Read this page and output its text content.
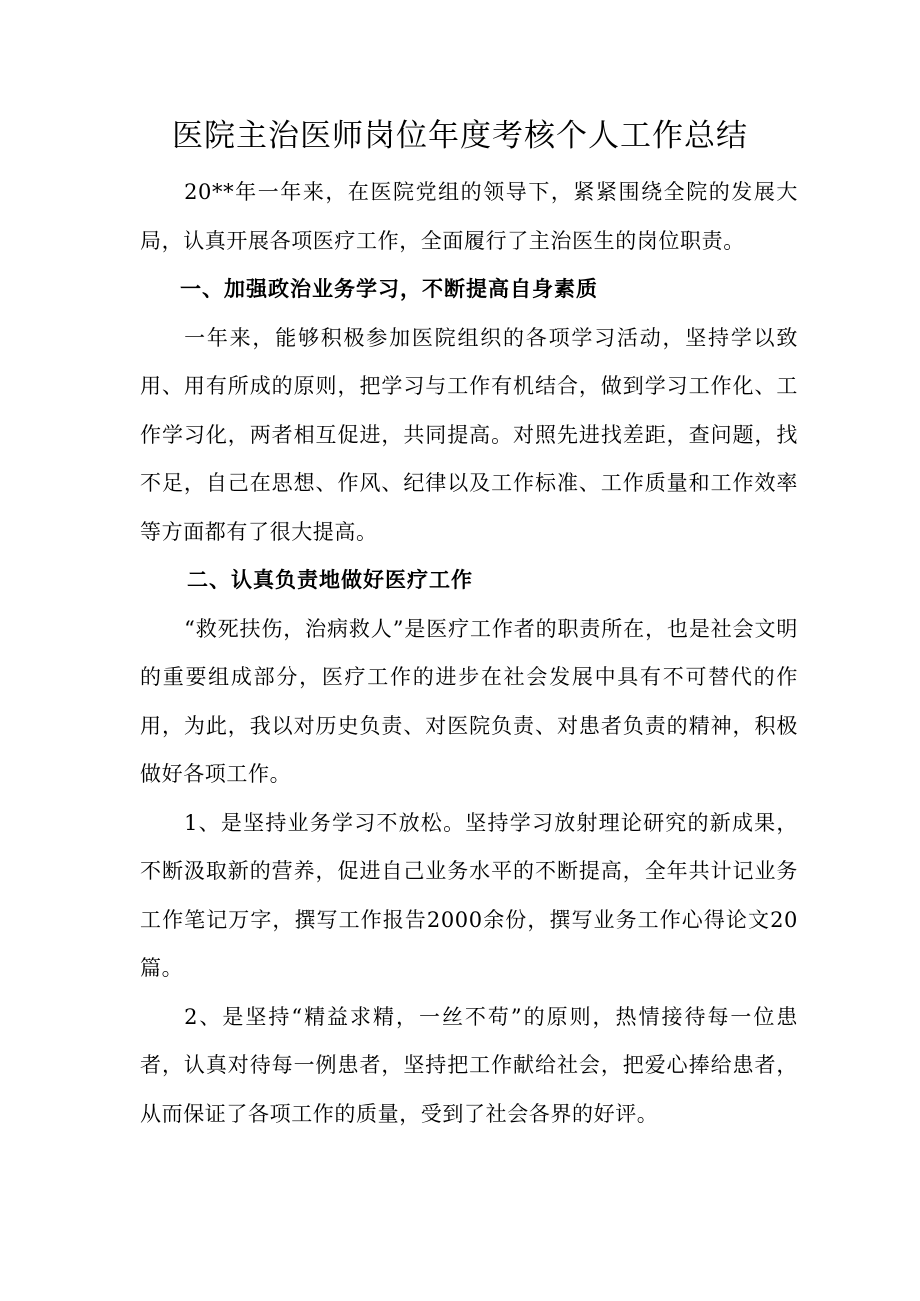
医院主治医师岗位年度考核个人工作总结

20**年一年来，在医院党组的领导下，紧紧围绕全院的发展大局，认真开展各项医疗工作，全面履行了主治医生的岗位职责。

一、加强政治业务学习，不断提高自身素质

一年来，能够积极参加医院组织的各项学习活动，坚持学以致用、用有所成的原则，把学习与工作有机结合，做到学习工作化、工作学习化，两者相互促进，共同提高。对照先进找差距，查问题，找不足，自己在思想、作风、纪律以及工作标准、工作质量和工作效率等方面都有了很大提高。

二、认真负责地做好医疗工作

“救死扶伤，治病救人”是医疗工作者的职责所在，也是社会文明的重要组成部分，医疗工作的进步在社会发展中具有不可替代的作用，为此，我以对历史负责、对医院负责、对患者负责的精神，积极做好各项工作。

1、是坚持业务学习不放松。坚持学习放射理论研究的新成果，不断汲取新的营养，促进自己业务水平的不断提高，全年共计记业务工作笔记万字，撰写工作报告2000余份，撰写业务工作心得论文20篇。

2、是坚持“精益求精，一丝不苟”的原则，热情接待每一位患者，认真对待每一例患者，坚持把工作献给社会，把爱心捧给患者，从而保证了各项工作的质量，受到了社会各界的好评。
